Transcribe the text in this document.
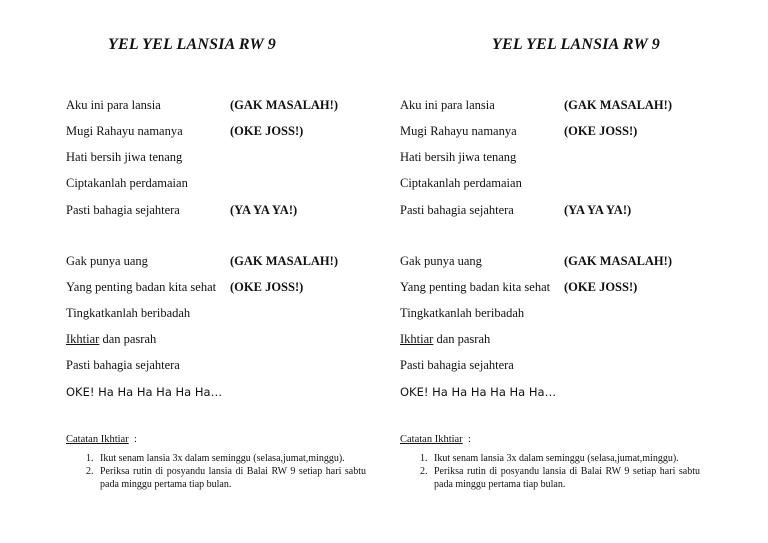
YEL YEL LANSIA RW 9
Aku ini para lansia	(GAK MASALAH!)
Mugi Rahayu namanya	(OKE JOSS!)
Hati bersih jiwa tenang
Ciptakanlah perdamaian
Pasti bahagia sejahtera	(YA YA YA!)
Gak punya uang	(GAK MASALAH!)
Yang penting badan kita sehat (OKE JOSS!)
Tingkatkanlah beribadah
Ikhtiar dan pasrah
Pasti bahagia sejahtera
OKE! Ha Ha Ha Ha Ha Ha…
Catatan Ikhtiar :
1. Ikut senam lansia 3x dalam seminggu (selasa,jumat,minggu).
2. Periksa rutin di posyandu lansia di Balai RW 9 setiap hari sabtu pada minggu pertama tiap bulan.
YEL YEL LANSIA RW 9
Aku ini para lansia	(GAK MASALAH!)
Mugi Rahayu namanya	(OKE JOSS!)
Hati bersih jiwa tenang
Ciptakanlah perdamaian
Pasti bahagia sejahtera	(YA YA YA!)
Gak punya uang	(GAK MASALAH!)
Yang penting badan kita sehat (OKE JOSS!)
Tingkatkanlah beribadah
Ikhtiar dan pasrah
Pasti bahagia sejahtera
OKE! Ha Ha Ha Ha Ha Ha…
Catatan Ikhtiar :
1. Ikut senam lansia 3x dalam seminggu (selasa,jumat,minggu).
2. Periksa rutin di posyandu lansia di Balai RW 9 setiap hari sabtu pada minggu pertama tiap bulan.
